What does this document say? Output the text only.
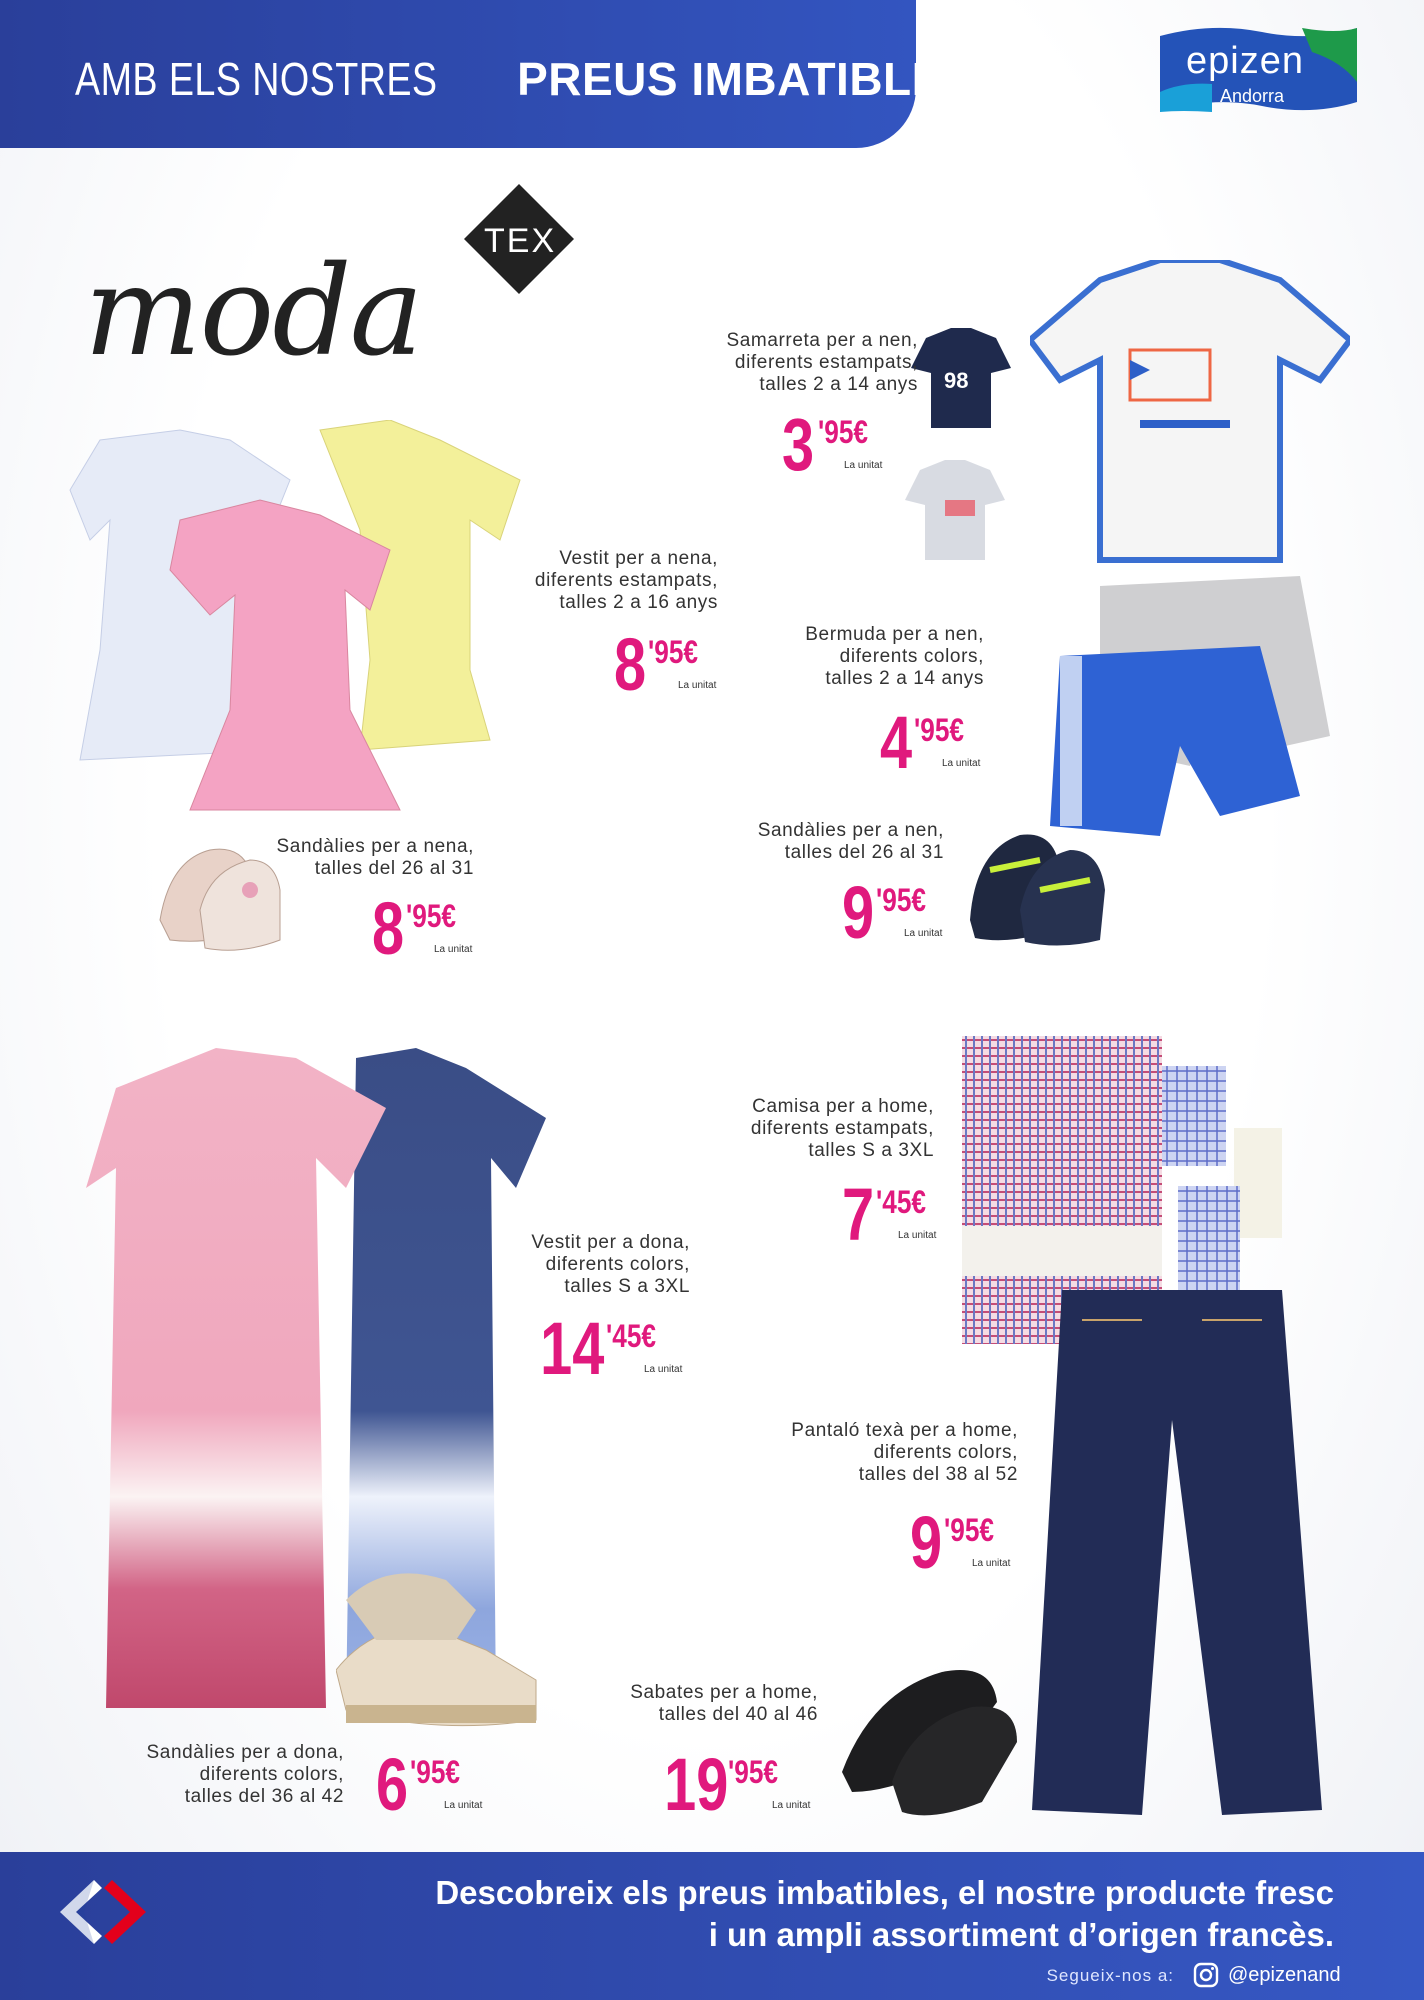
AMB ELS NOSTRESPREUS IMBATIBLES	epizen
Andorra
moda TEX
98
Samarreta per a nen,
diferents estampats,
talles 2 a 14 anys
3 '95€
La unitat
Vestit per a nena,
diferents estampats,
talles 2 a 16 anys
8 '95€
La unitat
Bermuda per a nen,
diferents colors,
talles 2 a 14 anys
4 '95€
La unitat
Sandàlies per a nena,
talles del 26 al 31
8 '95€
La unitat
Sandàlies per a nen,
talles del 26 al 31
9 '95€
La unitat
Camisa per a home,
diferents estampats,
talles S a 3XL
7 '45€
La unitat
Vestit per a dona,
diferents colors,
talles S a 3XL
14 '45€
La unitat
Pantaló texà per a home,
diferents colors,
talles del 38 al 52
9 '95€
La unitat
Sabates per a home,
talles del 40 al 46
19 '95€
La unitat
Sandàlies per a dona,
diferents colors,
talles del 36 al 42 6 '95€
La unitat
Descobreix els preus imbatibles, el nostre producte fresc
i un ampli assortiment d’origen francès.
Segueix-nos a:	@epizenand
